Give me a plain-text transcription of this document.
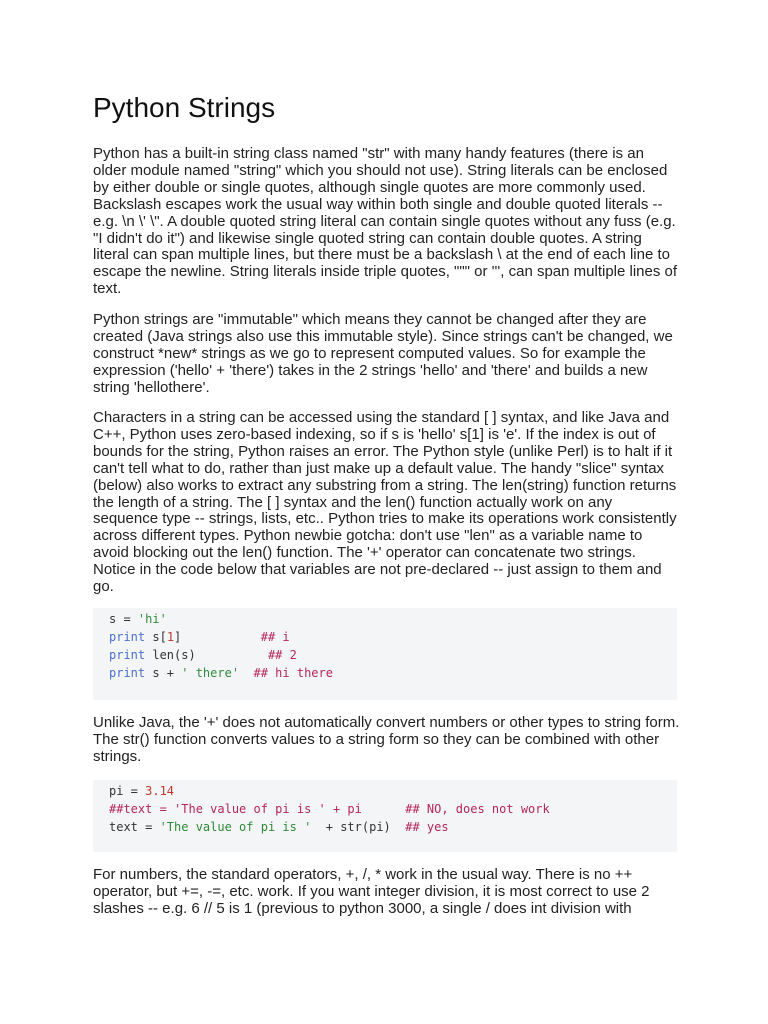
Python Strings

Python has a built-in string class named "str" with many handy features (there is an older module named "string" which you should not use). String literals can be enclosed by either double or single quotes, although single quotes are more commonly used. Backslash escapes work the usual way within both single and double quoted literals -- e.g. \n \' \". A double quoted string literal can contain single quotes without any fuss (e.g. "I didn't do it") and likewise single quoted string can contain double quotes. A string literal can span multiple lines, but there must be a backslash \ at the end of each line to escape the newline. String literals inside triple quotes, """ or ''', can span multiple lines of text.

Python strings are "immutable" which means they cannot be changed after they are created (Java strings also use this immutable style). Since strings can't be changed, we construct *new* strings as we go to represent computed values. So for example the expression ('hello' + 'there') takes in the 2 strings 'hello' and 'there' and builds a new string 'hellothere'.

Characters in a string can be accessed using the standard [ ] syntax, and like Java and C++, Python uses zero-based indexing, so if s is 'hello' s[1] is 'e'. If the index is out of bounds for the string, Python raises an error. The Python style (unlike Perl) is to halt if it can't tell what to do, rather than just make up a default value. The handy "slice" syntax (below) also works to extract any substring from a string. The len(string) function returns the length of a string. The [ ] syntax and the len() function actually work on any sequence type -- strings, lists, etc.. Python tries to make its operations work consistently across different types. Python newbie gotcha: don't use "len" as a variable name to avoid blocking out the len() function. The '+' operator can concatenate two strings. Notice in the code below that variables are not pre-declared -- just assign to them and go.

s = 'hi'
print s[1]           ## i
print len(s)          ## 2
print s + ' there' ## hi there

Unlike Java, the '+' does not automatically convert numbers or other types to string form. The str() function converts values to a string form so they can be combined with other strings.

pi = 3.14
##text = 'The value of pi is ' + pi      ## NO, does not work
text = 'The value of pi is '  + str(pi)  ## yes

For numbers, the standard operators, +, /, * work in the usual way. There is no ++ operator, but +=, -=, etc. work. If you want integer division, it is most correct to use 2 slashes -- e.g. 6 // 5 is 1 (previous to python 3000, a single / does int division with
